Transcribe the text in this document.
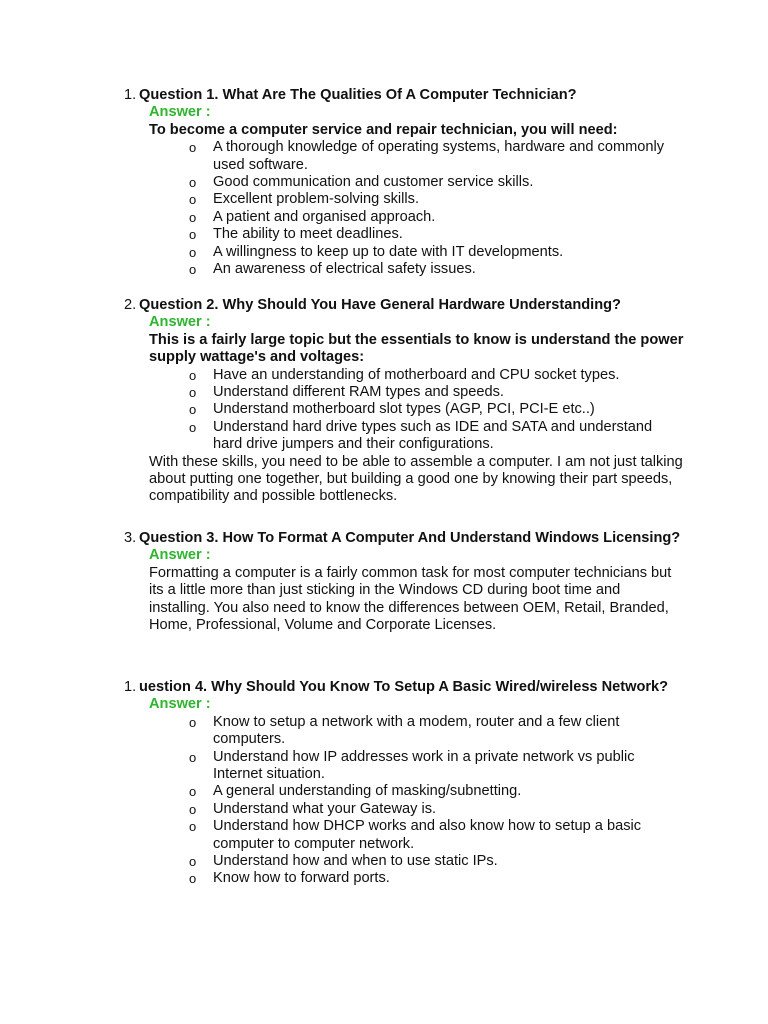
1. Question 1. What Are The Qualities Of A Computer Technician?
Answer :
To become a computer service and repair technician, you will need:
o A thorough knowledge of operating systems, hardware and commonly used software.
o Good communication and customer service skills.
o Excellent problem-solving skills.
o A patient and organised approach.
o The ability to meet deadlines.
o A willingness to keep up to date with IT developments.
o An awareness of electrical safety issues.
2. Question 2. Why Should You Have General Hardware Understanding?
Answer :
This is a fairly large topic but the essentials to know is understand the power supply wattage's and voltages:
o Have an understanding of motherboard and CPU socket types.
o Understand different RAM types and speeds.
o Understand motherboard slot types (AGP, PCI, PCI-E etc..)
o Understand hard drive types such as IDE and SATA and understand hard drive jumpers and their configurations.
With these skills, you need to be able to assemble a computer. I am not just talking about putting one together, but building a good one by knowing their part speeds, compatibility and possible bottlenecks.
3. Question 3. How To Format A Computer And Understand Windows Licensing?
Answer :
Formatting a computer is a fairly common task for most computer technicians but its a little more than just sticking in the Windows CD during boot time and installing. You also need to know the differences between OEM, Retail, Branded, Home, Professional, Volume and Corporate Licenses.
1. uestion 4. Why Should You Know To Setup A Basic Wired/wireless Network?
Answer :
o Know to setup a network with a modem, router and a few client computers.
o Understand how IP addresses work in a private network vs public Internet situation.
o A general understanding of masking/subnetting.
o Understand what your Gateway is.
o Understand how DHCP works and also know how to setup a basic computer to computer network.
o Understand how and when to use static IPs.
o Know how to forward ports.
